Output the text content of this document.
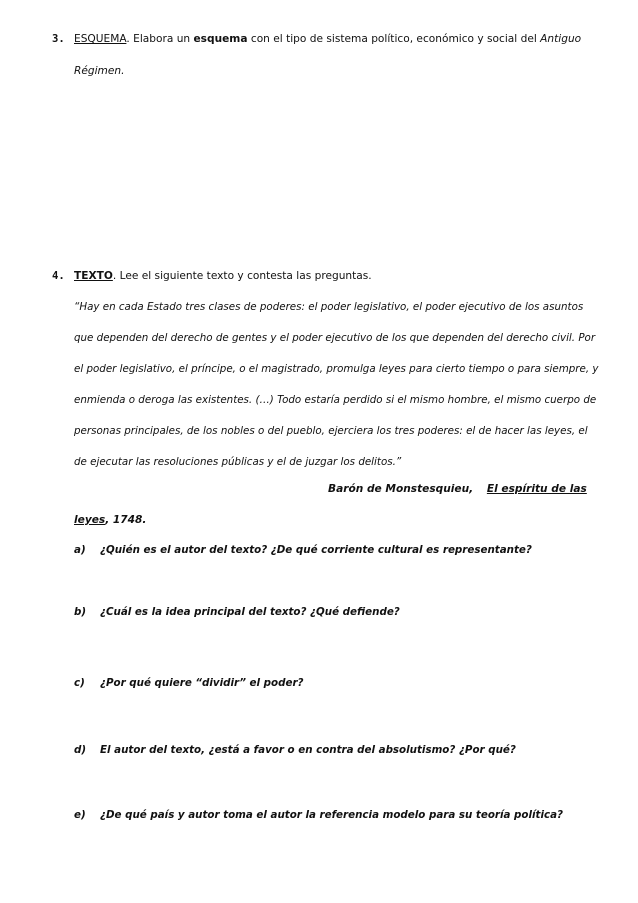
3. ESQUEMA. Elabora un esquema con el tipo de sistema político, económico y social del Antiguo
Régimen.
4. TEXTO. Lee el siguiente texto y contesta las preguntas.
“Hay en cada Estado tres clases de poderes: el poder legislativo, el poder ejecutivo de los asuntos
que dependen del derecho de gentes y el poder ejecutivo de los que dependen del derecho civil. Por
el poder legislativo, el príncipe, o el magistrado, promulga leyes para cierto tiempo o para siempre, y
enmienda o deroga las existentes. (…) Todo estaría perdido si el mismo hombre, el mismo cuerpo de
personas principales, de los nobles o del pueblo, ejerciera los tres poderes: el de hacer las leyes, el
de ejecutar las resoluciones públicas y el de juzgar los delitos.”
Barón de Monstesquieu, El espíritu de las
leyes, 1748.
a) ¿Quién es el autor del texto? ¿De qué corriente cultural es representante?
b) ¿Cuál es la idea principal del texto? ¿Qué defiende?
c) ¿Por qué quiere “dividir” el poder?
d) El autor del texto, ¿está a favor o en contra del absolutismo? ¿Por qué?
e) ¿De qué país y autor toma el autor la referencia modelo para su teoría política?
